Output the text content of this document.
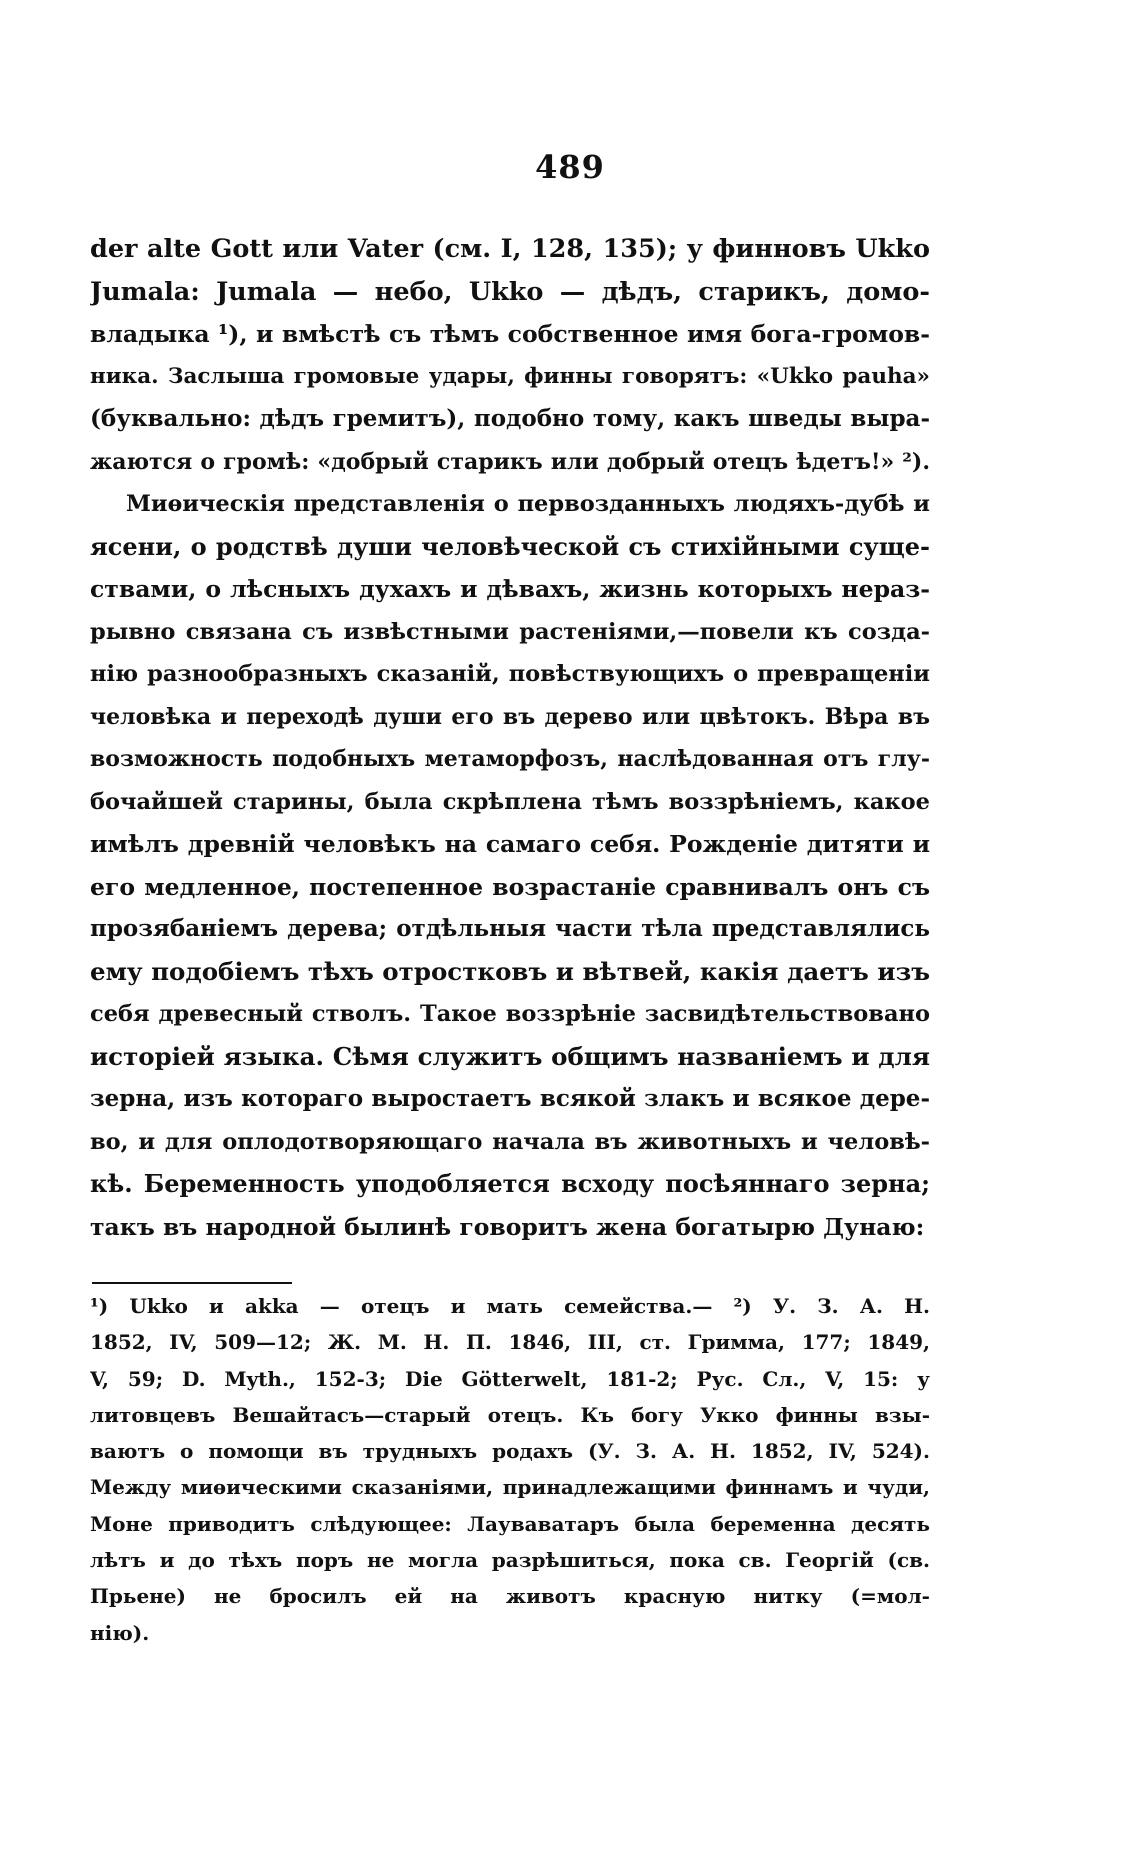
489
der alte Gott или Vater (см. I, 128, 135); у финновъ Ukko
Jumala: Jumala — небо, Ukko — дѣдъ, старикъ, домо-
владыка ¹), и вмѣстѣ съ тѣмъ собственное имя бога-громов-
ника. Заслыша громовые удары, финны говорятъ: «Ukko pauha»
(буквально: дѣдъ гремитъ), подобно тому, какъ шведы выра-
жаются о громѣ: «добрый старикъ или добрый отецъ ѣдетъ!» ²).
Миѳическія представленія о первозданныхъ людяхъ-дубѣ и
ясени, о родствѣ души человѣческой съ стихійными суще-
ствами, о лѣсныхъ духахъ и дѣвахъ, жизнь которыхъ нераз-
рывно связана съ извѣстными растеніями,—повели къ созда-
нію разнообразныхъ сказаній, повѣствующихъ о превращеніи
человѣка и переходѣ души его въ дерево или цвѣтокъ. Вѣра въ
возможность подобныхъ метаморфозъ, наслѣдованная отъ глу-
бочайшей старины, была скрѣплена тѣмъ воззрѣніемъ, какое
имѣлъ древній человѣкъ на самаго себя. Рожденіе дитяти и
его медленное, постепенное возрастаніе сравнивалъ онъ съ
прозябаніемъ дерева; отдѣльныя части тѣла представлялись
ему подобіемъ тѣхъ отростковъ и вѣтвей, какія даетъ изъ
себя древесный стволъ. Такое воззрѣніе засвидѣтельствовано
исторіей языка. Сѣмя служитъ общимъ названіемъ и для
зерна, изъ котораго выростаетъ всякой злакъ и всякое дере-
во, и для оплодотворяющаго начала въ животныхъ и человѣ-
кѣ. Беременность уподобляется всходу посѣяннаго зерна;
такъ въ народной былинѣ говоритъ жена богатырю Дунаю:
¹) Ukko и akka — отецъ и мать семейства.— ²) У. З. А. Н.
1852, IV, 509—12; Ж. М. Н. П. 1846, III, ст. Гримма, 177; 1849,
V, 59; D. Myth., 152-3; Die Götterwelt, 181-2; Рус. Сл., V, 15: у
литовцевъ Вешайтасъ—старый отецъ. Къ богу Укко финны взы-
ваютъ о помощи въ трудныхъ родахъ (У. З. А. Н. 1852, IV, 524).
Между миѳическими сказаніями, принадлежащими финнамъ и чуди,
Моне приводитъ слѣдующее: Лауваватаръ была беременна десять
лѣтъ и до тѣхъ поръ не могла разрѣшиться, пока св. Георгій (св.
Прьене) не бросилъ ей на животъ красную нитку (=мол-
нію).
